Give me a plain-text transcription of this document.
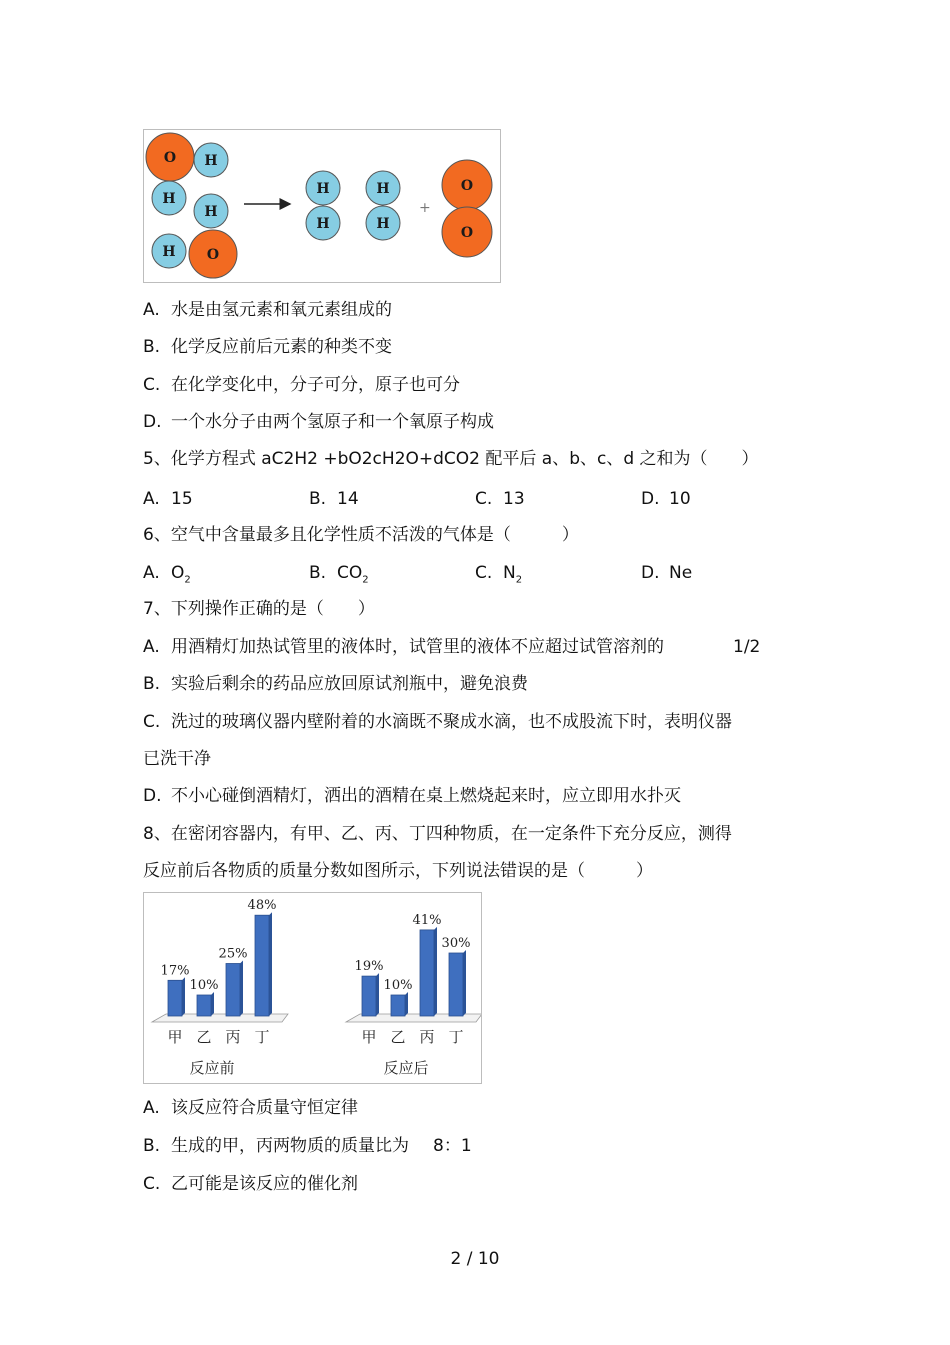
+
O H
H
H
H O
H
H
H
H
O
O
A. 水是由氢元素和氧元素组成的
B. 化学反应前后元素的种类不变
C. 在化学变化中，分子可分，原子也可分
D. 一个水分子由两个氢原子和一个氧原子构成
5、化学方程式 aC2H2 +bO2cH2O+dCO2 配平后 a、b、c、d 之和为（　　）
A. 15	B. 14	C. 13	D. 10
6、空气中含量最多且化学性质不活泼的气体是（　　　）
A. $O_2$	B. $CO_2$	C. $N_2$	D. Ne
7、下列操作正确的是（　　）
A. 用酒精灯加热试管里的液体时，试管里的液体不应超过试管溶剂的	1/2
B. 实验后剩余的药品应放回原试剂瓶中，避免浪费
C. 洗过的玻璃仪器内壁附着的水滴既不聚成水滴，也不成股流下时，表明仪器
已洗干净
D. 不小心碰倒酒精灯，洒出的酒精在桌上燃烧起来时，应立即用水扑灭
8、在密闭容器内，有甲、乙、丙、丁四种物质，在一定条件下充分反应，测得
反应前后各物质的质量分数如图所示，下列说法错误的是（　　　）
17%
甲
10%
乙
25%
丙
48%
丁
反应前
19%
甲
10%
乙
41%
丙
30%
丁
反应后
A. 该反应符合质量守恒定律
B. 生成的甲，丙两物质的质量比为 8：1
C. 乙可能是该反应的催化剂
2 / 10
